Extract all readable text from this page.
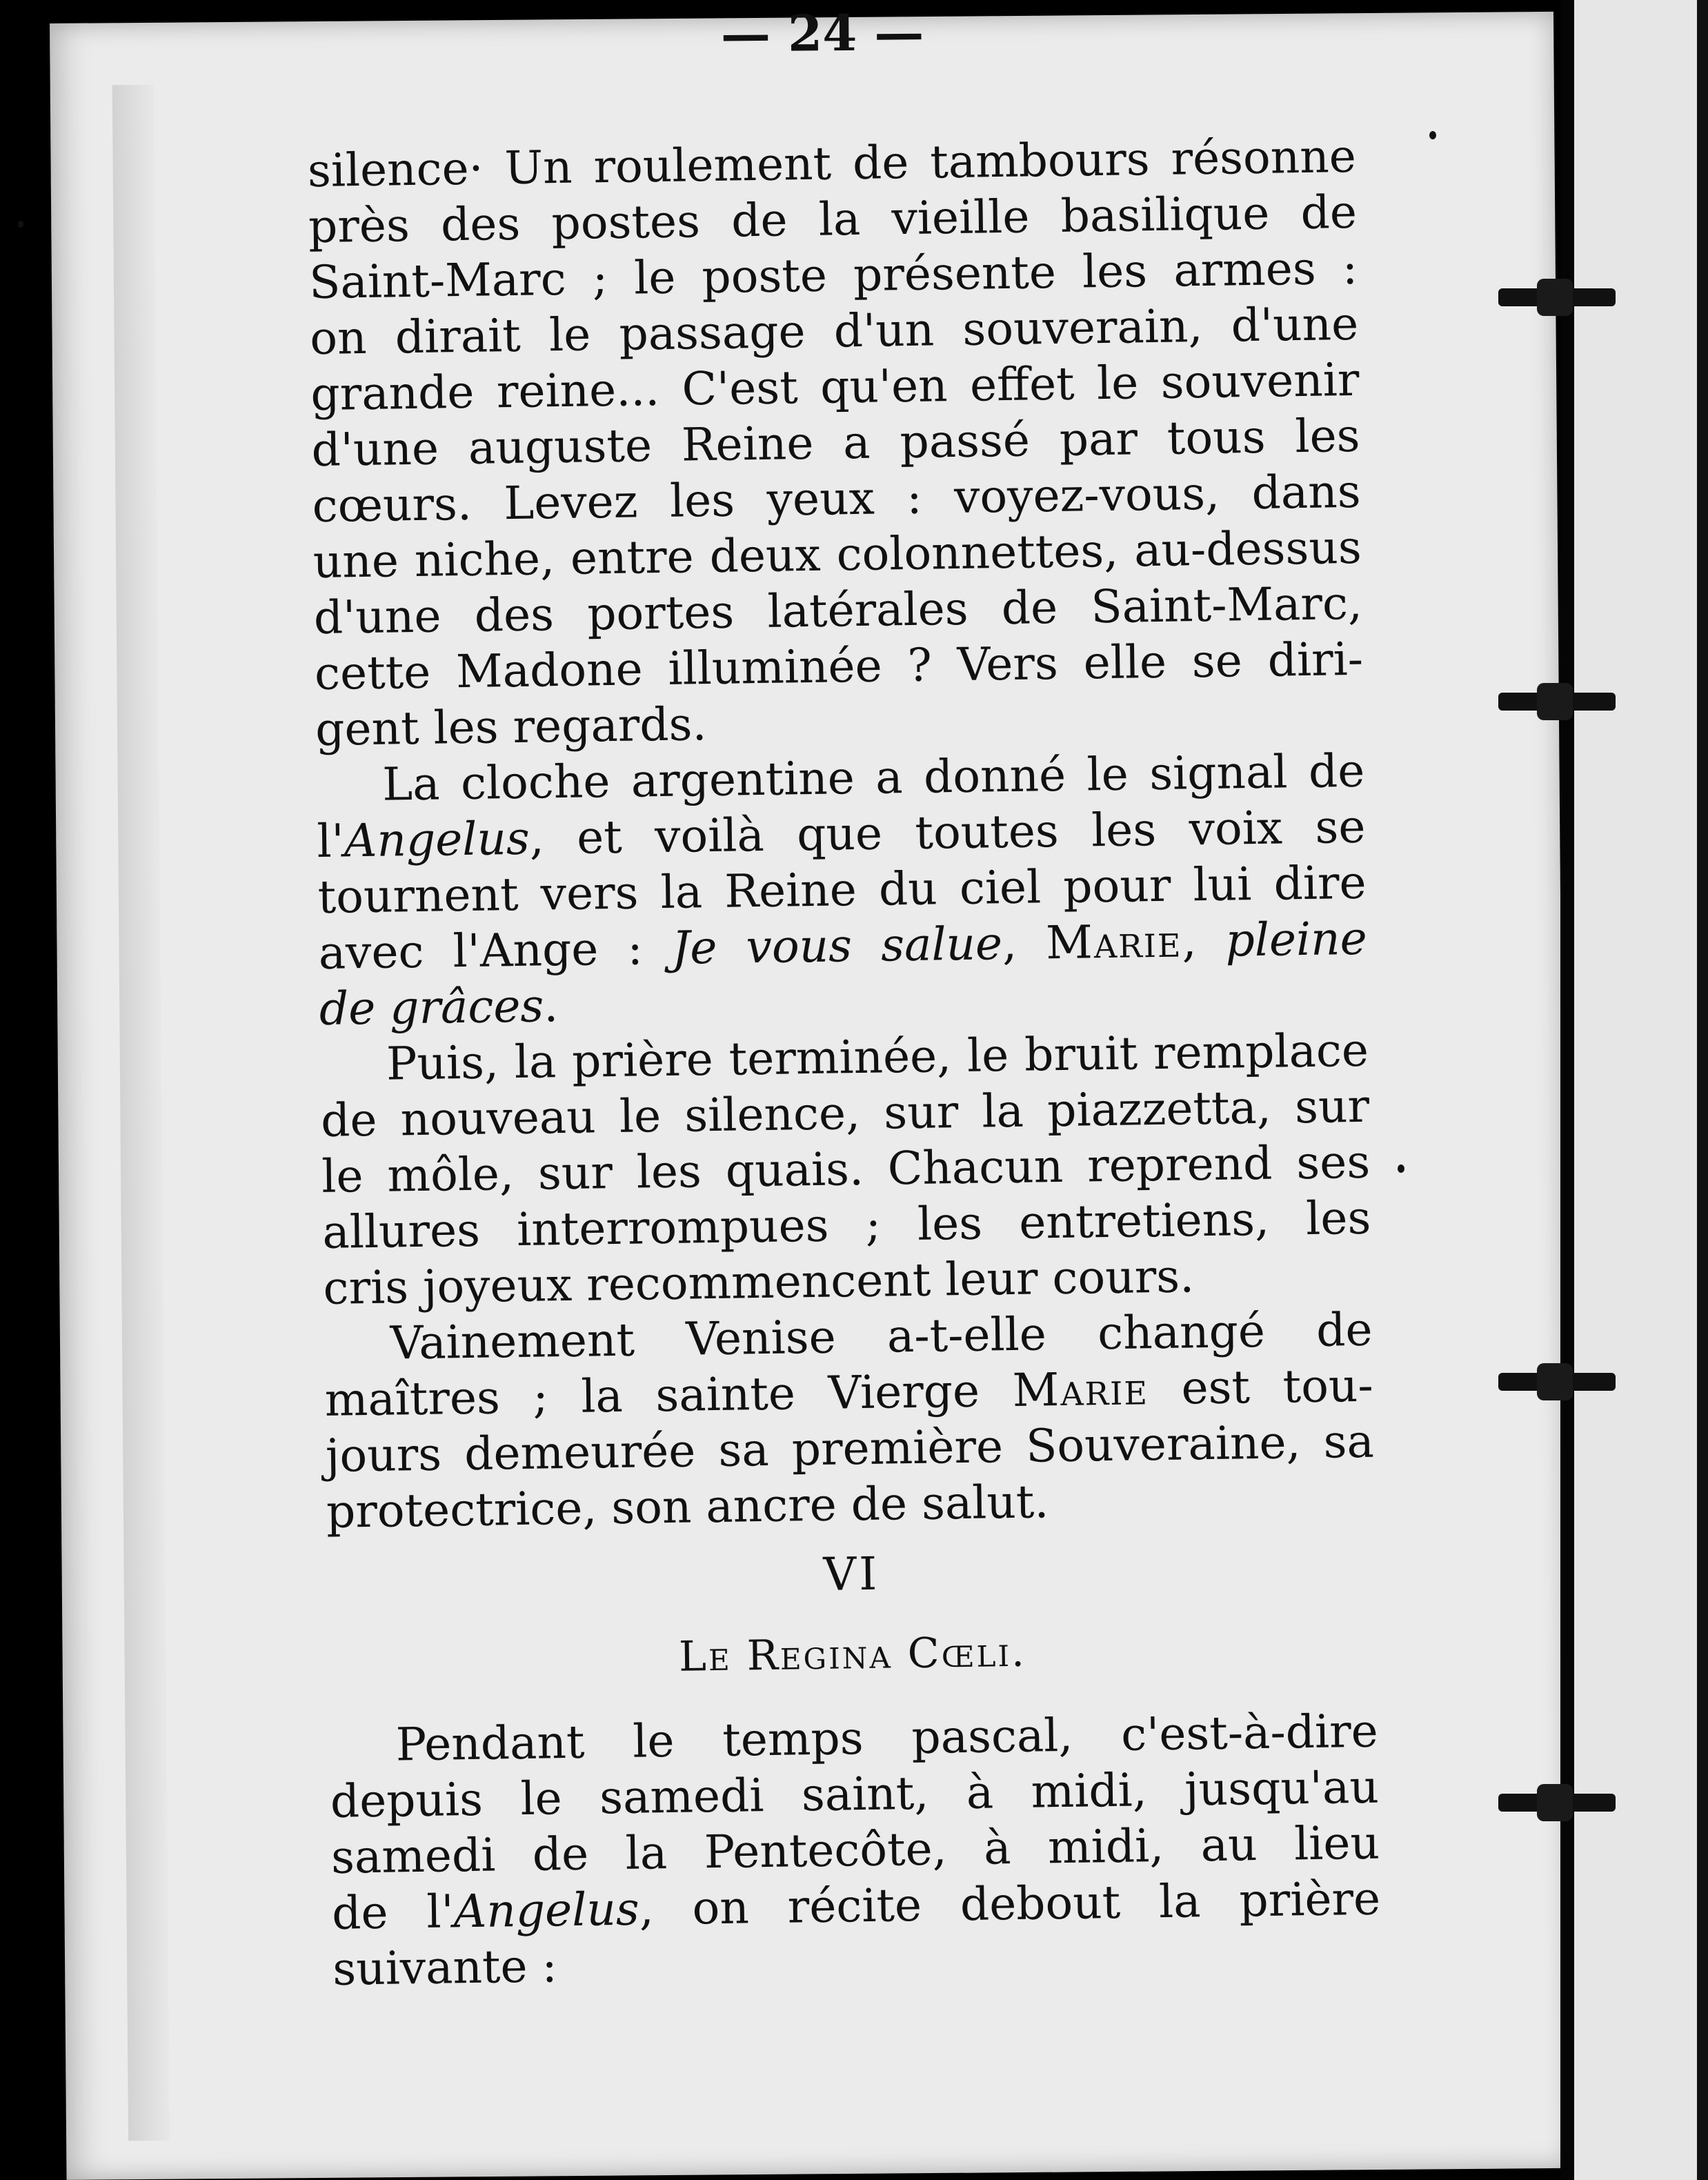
— 24 —
silence· Un roulement de tambours résonne
près des postes de la vieille basilique de
Saint-Marc ; le poste présente les armes :
on dirait le passage d'un souverain, d'une
grande reine... C'est qu'en effet le souvenir
d'une auguste Reine a passé par tous les
cœurs. Levez les yeux : voyez-vous, dans
une niche, entre deux colonnettes, au-dessus
d'une des portes latérales de Saint-Marc,
cette Madone illuminée ? Vers elle se diri-
gent les regards.
La cloche argentine a donné le signal de
l'Angelus, et voilà que toutes les voix se
tournent vers la Reine du ciel pour lui dire
avec l'Ange : Je vous salue, Marie, pleine
de grâces.
Puis, la prière terminée, le bruit remplace
de nouveau le silence, sur la piazzetta, sur
le môle, sur les quais. Chacun reprend ses
allures interrompues ; les entretiens, les
cris joyeux recommencent leur cours.
Vainement Venise a-t-elle changé de
maîtres ; la sainte Vierge Marie est tou-
jours demeurée sa première Souveraine, sa
protectrice, son ancre de salut.
VI
Le Regina Cœli.
Pendant le temps pascal, c'est-à-dire
depuis le samedi saint, à midi, jusqu'au
samedi de la Pentecôte, à midi, au lieu
de l'Angelus, on récite debout la prière
suivante :
